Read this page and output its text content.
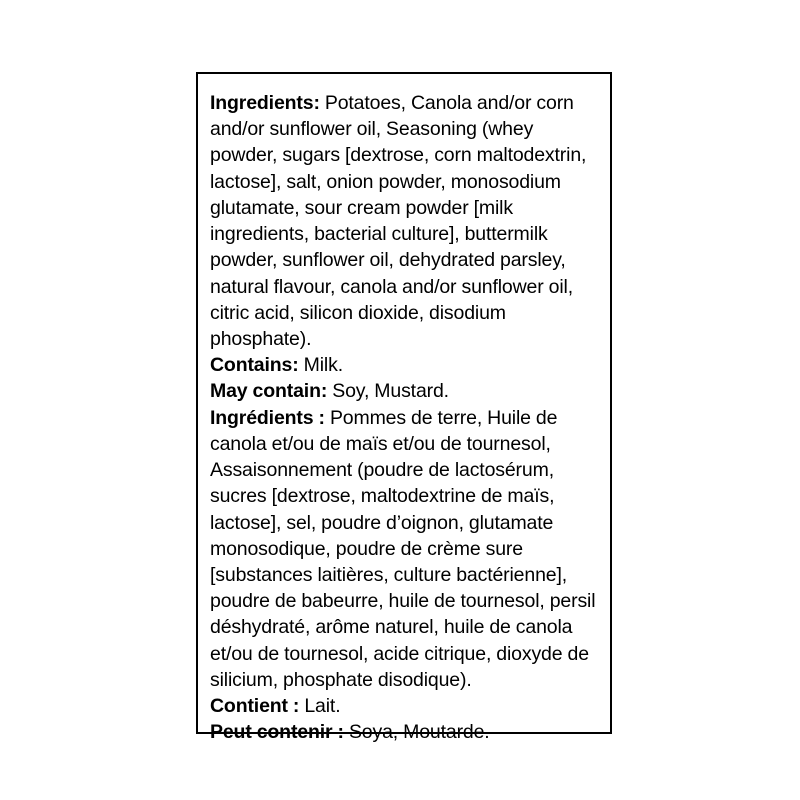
Ingredients: Potatoes, Canola and/or corn and/or sunflower oil, Seasoning (whey powder, sugars [dextrose, corn maltodextrin, lactose], salt, onion powder, monosodium glutamate, sour cream powder [milk ingredients, bacterial culture], buttermilk powder, sunflower oil, dehydrated parsley, natural flavour, canola and/or sunflower oil, citric acid, silicon dioxide, disodium phosphate).

Contains: Milk.

May contain: Soy, Mustard.

Ingrédients : Pommes de terre, Huile de canola et/ou de maïs et/ou de tournesol, Assaisonnement (poudre de lactosérum, sucres [dextrose, maltodextrine de maïs, lactose], sel, poudre d’oignon, glutamate monosodique, poudre de crème sure [substances laitières, culture bactérienne], poudre de babeurre, huile de tournesol, persil déshydraté, arôme naturel, huile de canola et/ou de tournesol, acide citrique, dioxyde de silicium, phosphate disodique).

Contient : Lait.

Peut contenir : Soya, Moutarde.
